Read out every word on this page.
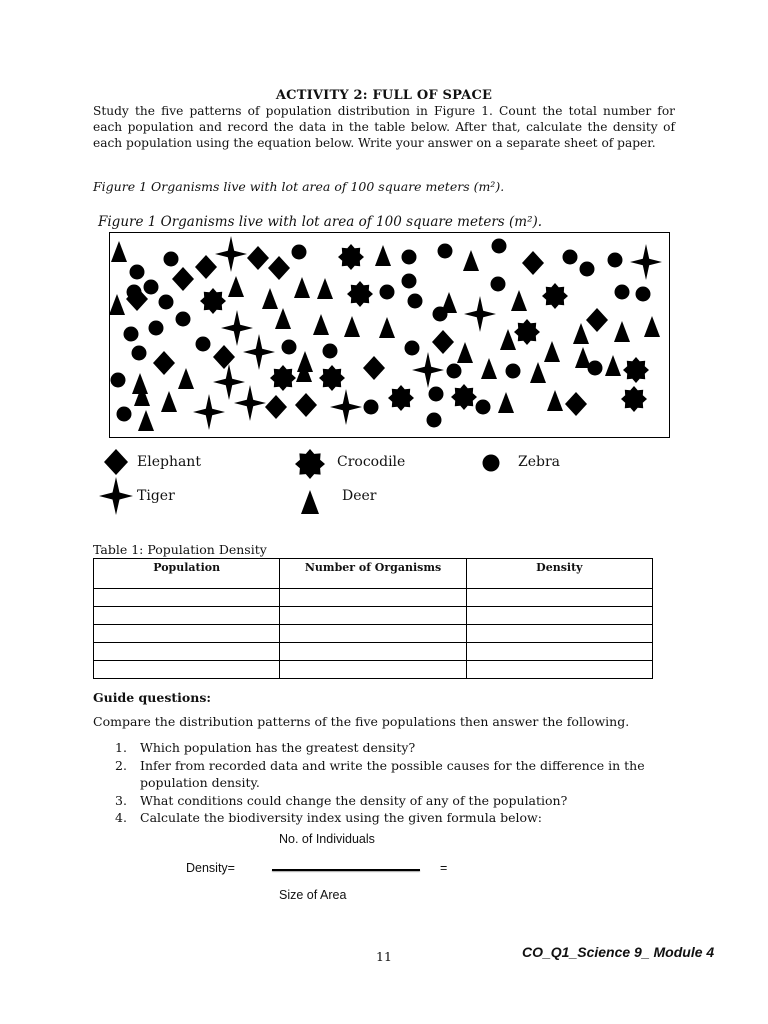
ACTIVITY 2: FULL OF SPACE
Study the five patterns of population distribution in Figure 1. Count the total number for each population and record the data in the table below. After that, calculate the density of each population using the equation below. Write your answer on a separate sheet of paper.
Figure 1 Organisms live with lot area of 100 square meters (m²).
Figure 1 Organisms live with lot area of 100 square meters (m²).
Elephant	Crocodile	Zebra
Tiger	Deer
Table 1: Population Density
Population	Number of Organisms	Density

Guide questions:
Compare the distribution patterns of the five populations then answer the following.
1. Which population has the greatest density?
2. Infer from recorded data and write the possible causes for the difference in the population density.
3. What conditions could change the density of any of the population?
4. Calculate the biodiversity index using the given formula below:
No. of Individuals
Density=	=
Size of Area
11	CO_Q1_Science 9_ Module 4
